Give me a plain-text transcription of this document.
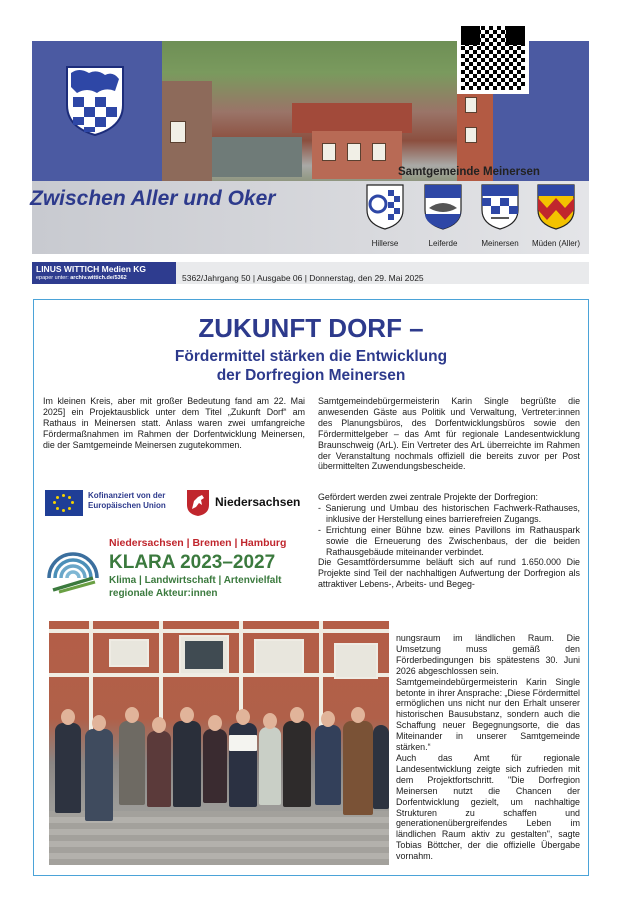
Zwischen Aller und Oker
Samtgemeinde Meinersen
Hillerse	Leiferde	Meinersen	Müden (Aller)
LINUS WITTICH Medien KG
epaper unter: archiv.wittich.de/5362	5362/Jahrgang 50 | Ausgabe 06 | Donnerstag, den 29. Mai 2025
ZUKUNFT DORF –
Fördermittel stärken die Entwicklung
der Dorfregion Meinersen
Im kleinen Kreis, aber mit großer Bedeutung fand am 22. Mai 2025] ein Projektausblick unter dem Titel „Zukunft Dorf“ am Rathaus in Meinersen statt. Anlass waren zwei umfangreiche Fördermaßnahmen im Rahmen der Dorfentwicklung Meinersen, die der Samtgemeinde Meinersen zugutekommen.
Samtgemeindebürgermeisterin Karin Single begrüßte die anwesenden Gäste aus Politik und Verwaltung, Vertreter:innen des Planungsbüros, des Dorfentwicklungsbüros sowie den Fördermittelgeber – das Amt für regionale Landesentwicklung Braunschweig (ArL). Ein Vertreter des ArL überreichte im Rahmen der Veranstaltung nochmals offiziell die bereits zuvor per Post übermittelten Zuwendungsbescheide.

Gefördert werden zwei zentrale Projekte der Dorfregion:

- Sanierung und Umbau des historischen Fachwerk-Rathauses, inklusive der Herstellung eines barrierefreien Zugangs.

- Errichtung einer Bühne bzw. eines Pavillons im Rathauspark sowie die Erneuerung des Zwischenbaus, der die beiden Rathausgebäude miteinander verbindet.

Die Gesamtfördersumme beläuft sich auf rund 1.650.000 Die Projekte sind Teil der nachhaltigen Aufwertung der Dorfregion als attraktiver Lebens-, Arbeits- und Begeg-

nungsraum im ländlichen Raum. Die Umsetzung muss gemäß den Förderbedingungen bis spätestens 30. Juni 2026 abgeschlossen sein.

Samtgemeindebürgermeisterin Karin Single betonte in ihrer Ansprache: „Diese Fördermittel ermöglichen uns nicht nur den Erhalt unserer historischen Bausubstanz, sondern auch die Schaffung neuer Begegnungsorte, die das Miteinander in unserer Samtgemeinde stärken.“

Auch das Amt für regionale Landesentwicklung zeigte sich zufrieden mit dem Projektfortschritt. "Die Dorfregion Meinersen nutzt die Chancen der Dorfentwicklung gezielt, um nachhaltige Strukturen zu schaffen und generationenübergreifendes Leben im ländlichen Raum aktiv zu gestalten", sagte Tobias Böttcher, der die offizielle Übergabe vornahm.

Kofinanziert von der
Europäischen Union	Niedersachsen
Niedersachsen | Bremen | Hamburg
KLARA 2023–2027
Klima | Landwirtschaft | Artenvielfalt
regionale Akteur:innen
